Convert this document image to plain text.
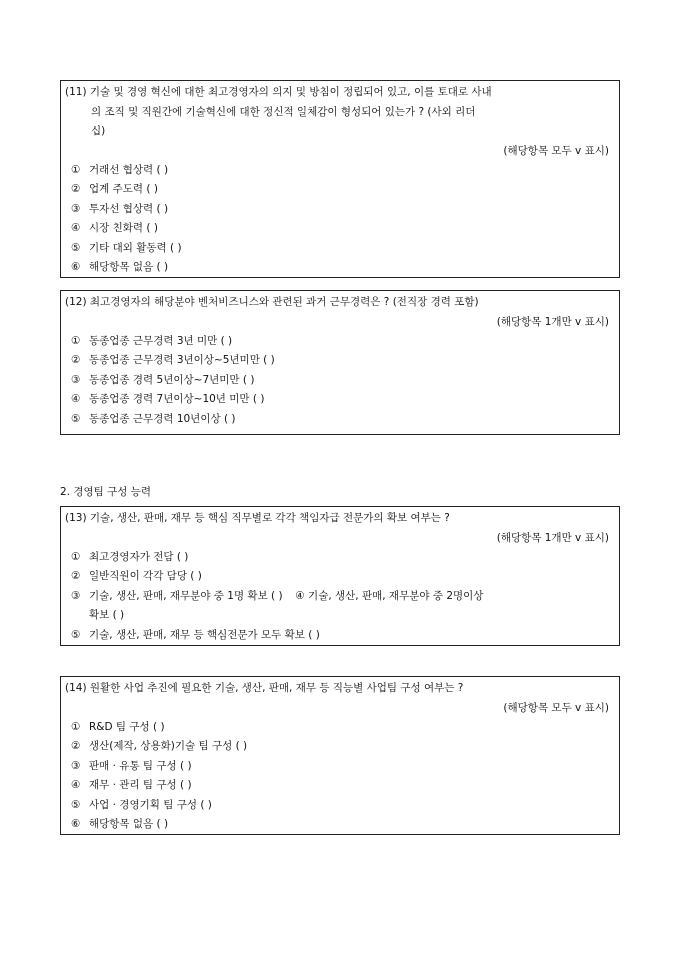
(11) 기술 및 경영 혁신에 대한 최고경영자의 의지 및 방침이 정립되어 있고, 이를 토대로 사내
의 조직 및 직원간에 기술혁신에 대한 정신적 일체감이 형성되어 있는가 ? (사외 리더
십)
(해당항목 모두 v 표시)
① 거래선 협상력 ( )
② 업계 주도력 ( )
③ 투자선 협상력 ( )
④ 시장 친화력 ( )
⑤ 기타 대외 활동력 ( )
⑥ 해당항목 없음 ( )
(12) 최고경영자의 해당분야 벤처비즈니스와 관련된 과거 근무경력은 ? (전직장 경력 포함)
(해당항목 1개만 v 표시)
① 동종업종 근무경력 3년 미만 ( )
② 동종업종 근무경력 3년이상~5년미만 ( )
③ 동종업종 경력 5년이상~7년미만 ( )
④ 동종업종 경력 7년이상~10년 미만 ( )
⑤ 동종업종 근무경력 10년이상 ( )
2. 경영팀 구성 능력
(13) 기술, 생산, 판매, 재무 등 핵심 직무별로 각각 책임자급 전문가의 확보 여부는 ?
(해당항목 1개만 v 표시)
① 최고경영자가 전담 ( )
② 일반직원이 각각 담당 ( )
③ 기술, 생산, 판매, 재무분야 중 1명 확보 ( ) ④ 기술, 생산, 판매, 재무분야 중 2명이상
확보 ( )
⑤ 기술, 생산, 판매, 재무 등 핵심전문가 모두 확보 ( )
(14) 원활한 사업 추진에 필요한 기술, 생산, 판매, 재무 등 직능별 사업팀 구성 여부는 ?
(해당항목 모두 v 표시)
① R&D 팀 구성 ( )
② 생산(제작, 상용화)기술 팀 구성 ( )
③ 판매 · 유통 팀 구성 ( )
④ 재무 · 관리 팀 구성 ( )
⑤ 사업 · 경영기획 팀 구성 ( )
⑥ 해당항목 없음 ( )
